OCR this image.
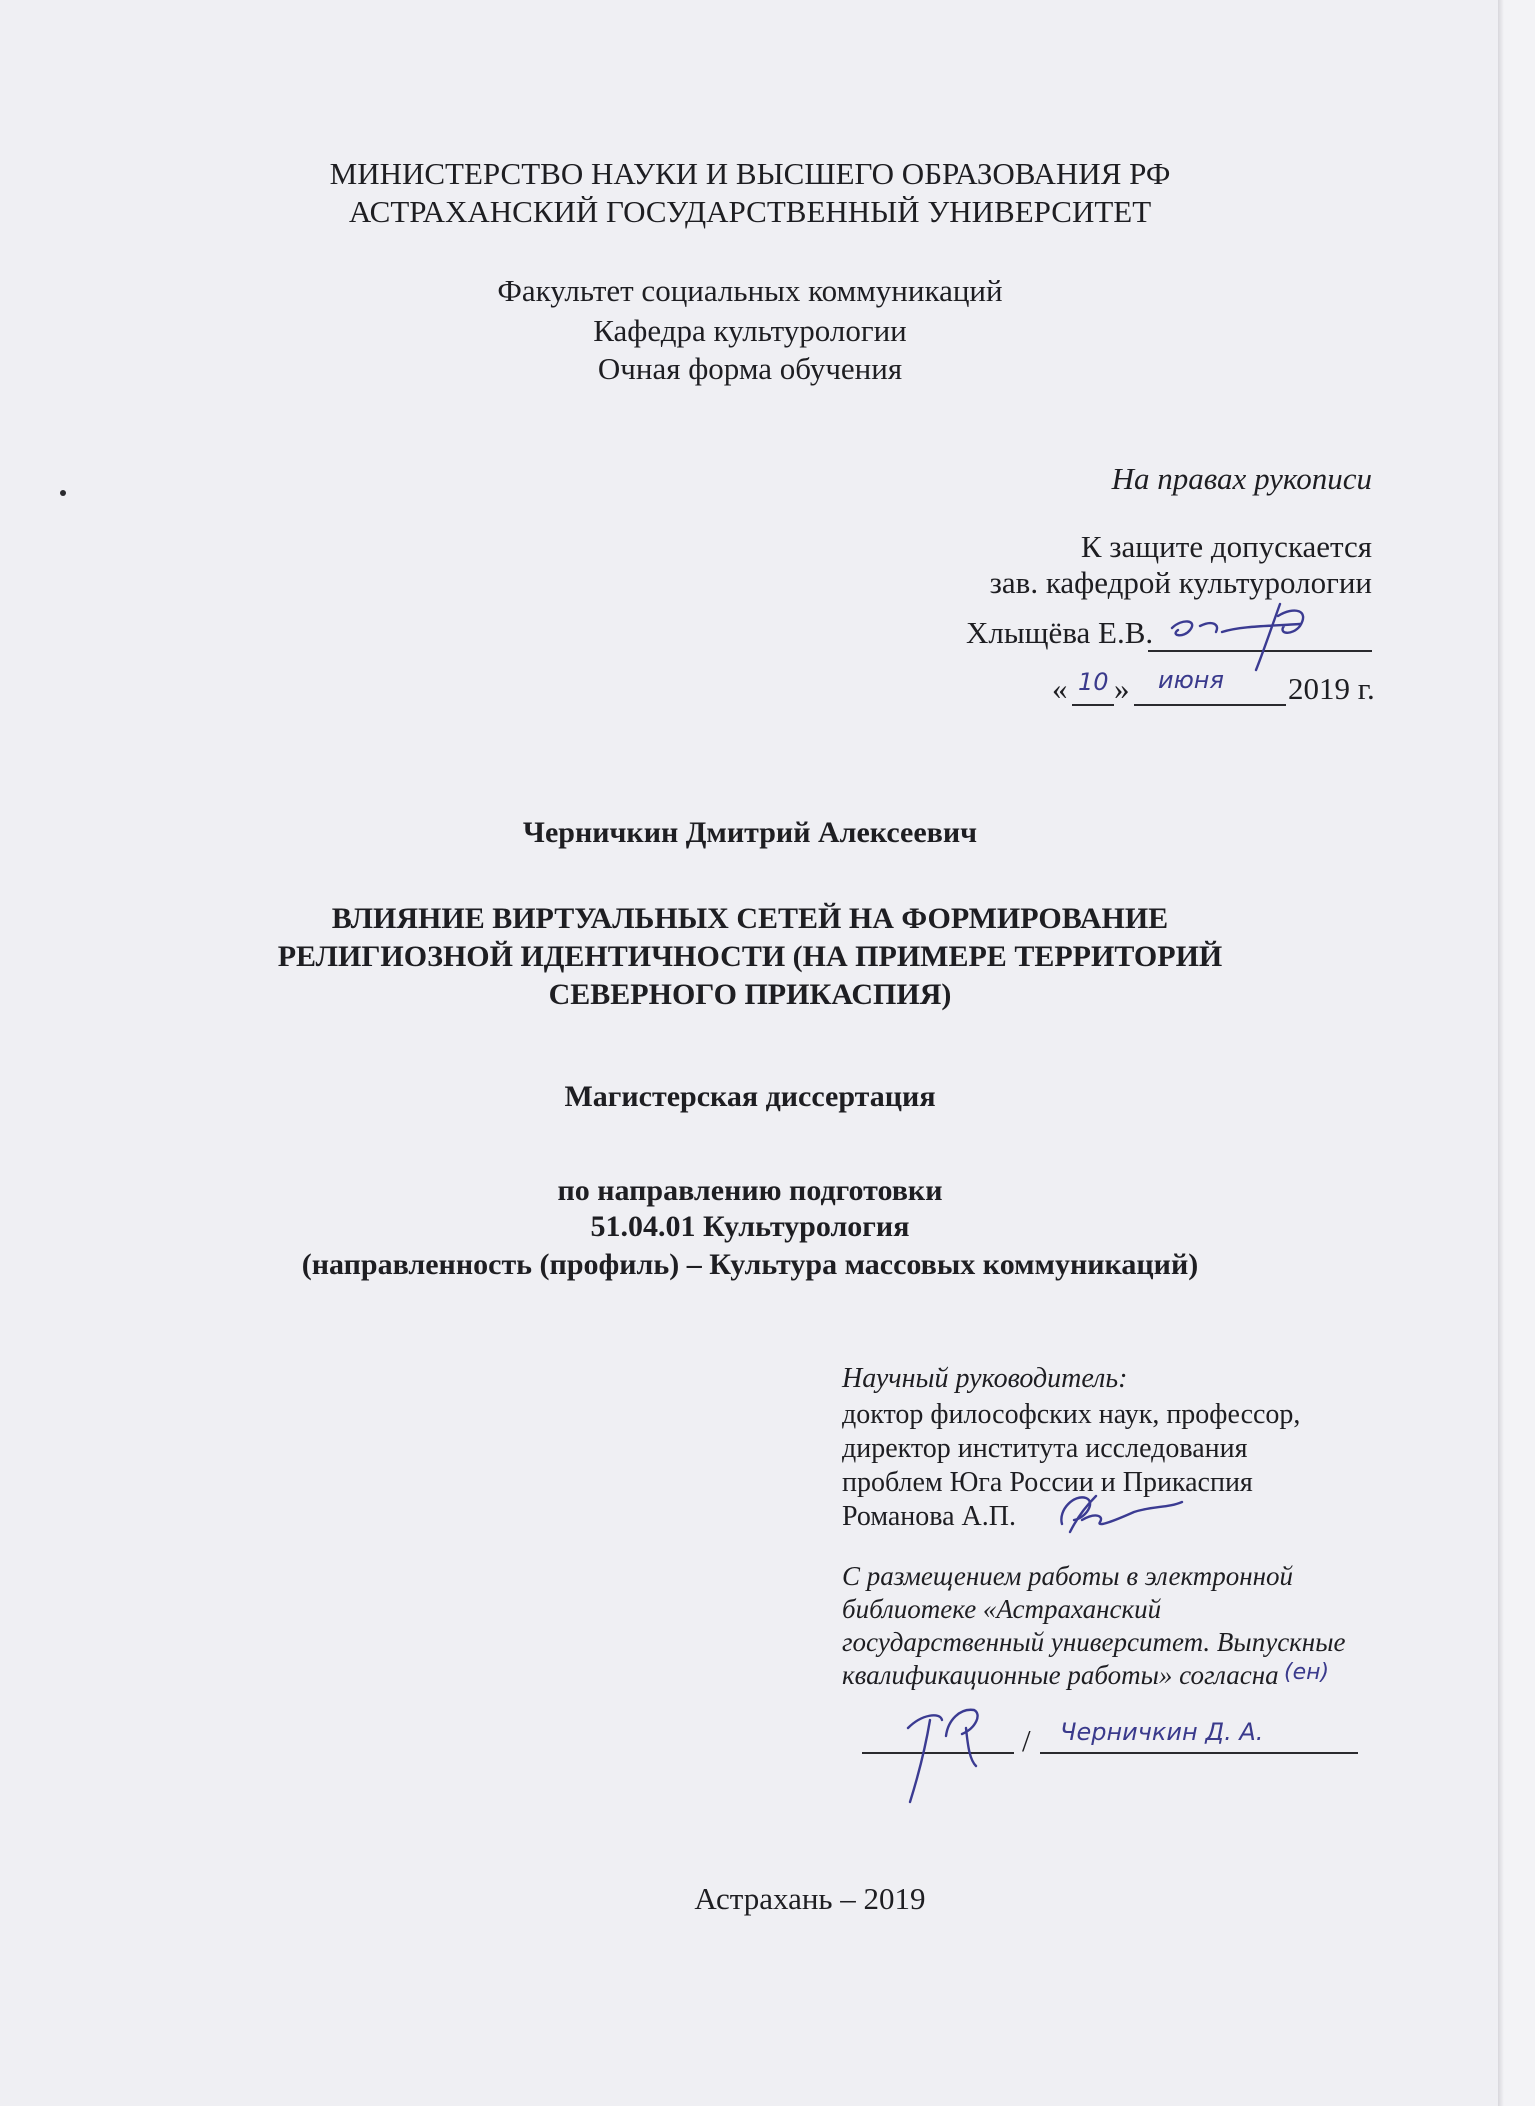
МИНИСТЕРСТВО НАУКИ И ВЫСШЕГО ОБРАЗОВАНИЯ РФ
АСТРАХАНСКИЙ ГОСУДАРСТВЕННЫЙ УНИВЕРСИТЕТ
Факультет социальных коммуникаций
Кафедра культурологии
Очная форма обучения
На правах рукописи
К защите допускается
зав. кафедрой культурологии
Хлыщёва Е.В.
« 10 » июня 2019 г.
Черничкин Дмитрий Алексеевич
ВЛИЯНИЕ ВИРТУАЛЬНЫХ СЕТЕЙ НА ФОРМИРОВАНИЕ
РЕЛИГИОЗНОЙ ИДЕНТИЧНОСТИ (НА ПРИМЕРЕ ТЕРРИТОРИЙ
СЕВЕРНОГО ПРИКАСПИЯ)
Магистерская диссертация
по направлению подготовки
51.04.01 Культурология
(направленность (профиль) – Культура массовых коммуникаций)
Научный руководитель:
доктор философских наук, профессор,
директор института исследования
проблем Юга России и Прикаспия
Романова А.П.
С размещением работы в электронной
библиотеке «Астраханский
государственный университет. Выпускные
квалификационные работы» согласна (ен)
/ Черничкин Д. А.
Астрахань – 2019
